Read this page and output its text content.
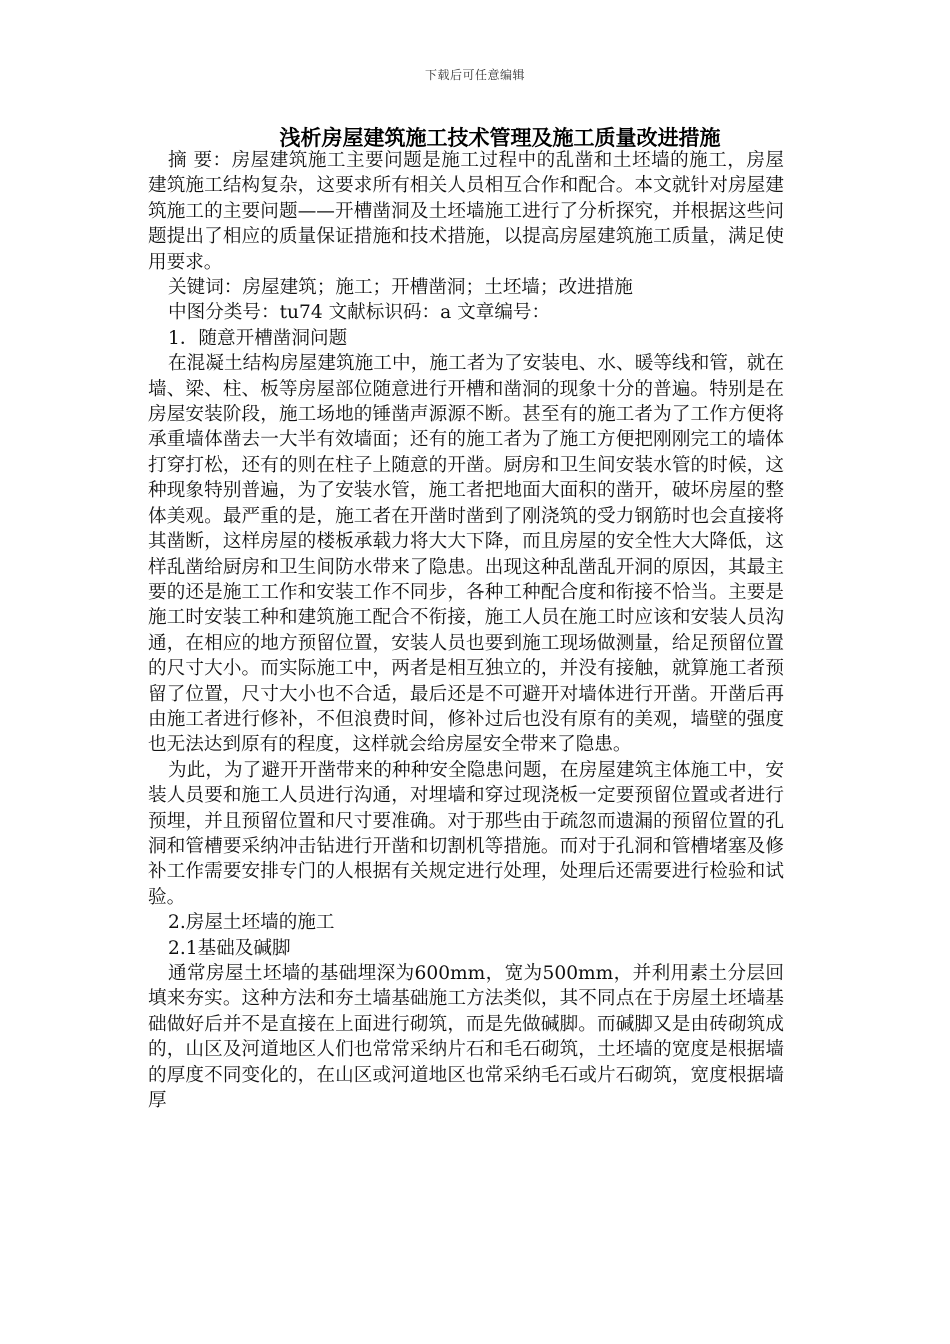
下载后可任意编辑
浅析房屋建筑施工技术管理及施工质量改进措施

摘 要：房屋建筑施工主要问题是施工过程中的乱凿和土坯墙的施工，房屋建筑施工结构复杂，这要求所有相关人员相互合作和配合。本文就针对房屋建筑施工的主要问题——开槽凿洞及土坯墙施工进行了分析探究，并根据这些问题提出了相应的质量保证措施和技术措施，以提高房屋建筑施工质量，满足使用要求。

关键词：房屋建筑；施工；开槽凿洞；土坯墙；改进措施

中图分类号：tu74 文献标识码：a 文章编号：

1．随意开槽凿洞问题

在混凝土结构房屋建筑施工中，施工者为了安装电、水、暖等线和管，就在墙、梁、柱、板等房屋部位随意进行开槽和凿洞的现象十分的普遍。特别是在房屋安装阶段，施工场地的锤凿声源源不断。甚至有的施工者为了工作方便将承重墙体凿去一大半有效墙面；还有的施工者为了施工方便把刚刚完工的墙体打穿打松，还有的则在柱子上随意的开凿。厨房和卫生间安装水管的时候，这种现象特别普遍，为了安装水管，施工者把地面大面积的凿开，破坏房屋的整体美观。最严重的是，施工者在开凿时凿到了刚浇筑的受力钢筋时也会直接将其凿断，这样房屋的楼板承载力将大大下降，而且房屋的安全性大大降低，这样乱凿给厨房和卫生间防水带来了隐患。出现这种乱凿乱开洞的原因，其最主要的还是施工工作和安装工作不同步，各种工种配合度和衔接不恰当。主要是施工时安装工种和建筑施工配合不衔接，施工人员在施工时应该和安装人员沟通，在相应的地方预留位置，安装人员也要到施工现场做测量，给足预留位置的尺寸大小。而实际施工中，两者是相互独立的，并没有接触，就算施工者预留了位置，尺寸大小也不合适，最后还是不可避开对墙体进行开凿。开凿后再由施工者进行修补，不但浪费时间，修补过后也没有原有的美观，墙壁的强度也无法达到原有的程度，这样就会给房屋安全带来了隐患。

为此，为了避开开凿带来的种种安全隐患问题，在房屋建筑主体施工中，安装人员要和施工人员进行沟通，对埋墙和穿过现浇板一定要预留位置或者进行预埋，并且预留位置和尺寸要准确。对于那些由于疏忽而遗漏的预留位置的孔洞和管槽要采纳冲击钻进行开凿和切割机等措施。而对于孔洞和管槽堵塞及修补工作需要安排专门的人根据有关规定进行处理，处理后还需要进行检验和试验。

2.房屋土坯墙的施工

2.1基础及碱脚

通常房屋土坯墙的基础埋深为600mm，宽为500mm，并利用素土分层回填来夯实。这种方法和夯土墙基础施工方法类似，其不同点在于房屋土坯墙基础做好后并不是直接在上面进行砌筑，而是先做碱脚。而碱脚又是由砖砌筑成的，山区及河道地区人们也常常采纳片石和毛石砌筑，土坯墙的宽度是根据墙的厚度不同变化的，在山区或河道地区也常采纳毛石或片石砌筑，宽度根据墙厚
